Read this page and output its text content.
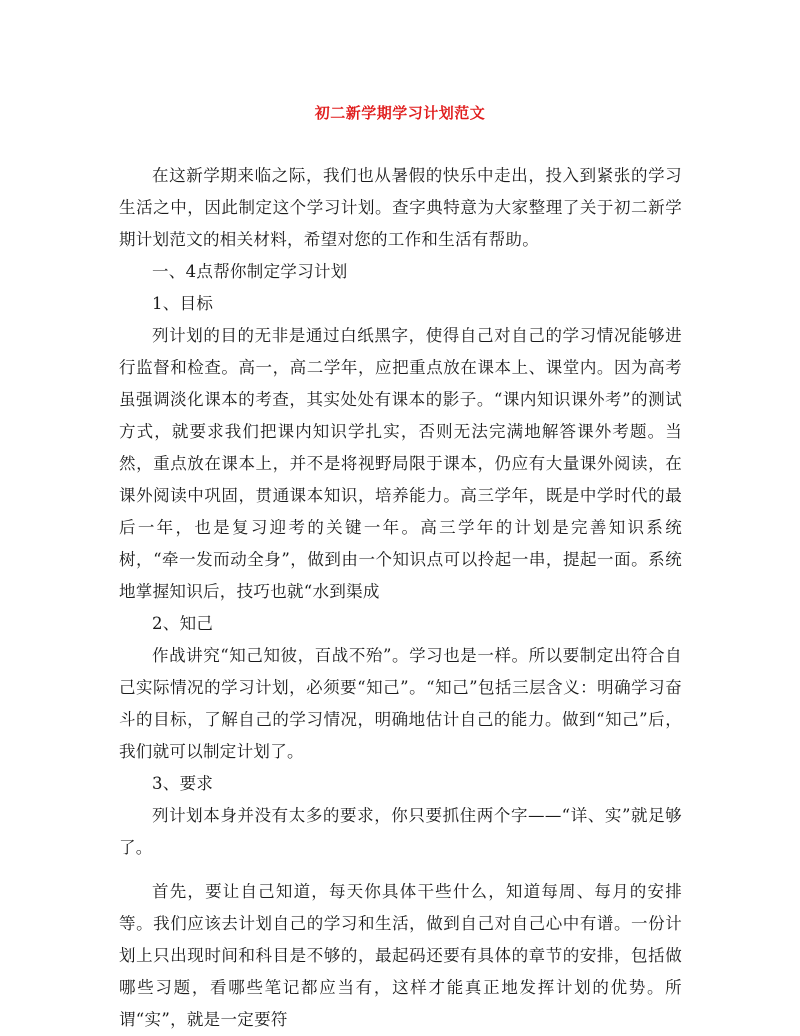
初二新学期学习计划范文

在这新学期来临之际，我们也从暑假的快乐中走出，投入到紧张的学习生活之中，因此制定这个学习计划。查字典特意为大家整理了关于初二新学期计划范文的相关材料，希望对您的工作和生活有帮助。

一、4点帮你制定学习计划

1、目标

列计划的目的无非是通过白纸黑字，使得自己对自己的学习情况能够进行监督和检查。高一，高二学年，应把重点放在课本上、课堂内。因为高考虽强调淡化课本的考查，其实处处有课本的影子。“课内知识课外考”的测试方式，就要求我们把课内知识学扎实，否则无法完满地解答课外考题。当然，重点放在课本上，并不是将视野局限于课本，仍应有大量课外阅读，在课外阅读中巩固，贯通课本知识，培养能力。高三学年，既是中学时代的最后一年，也是复习迎考的关键一年。高三学年的计划是完善知识系统树，“牵一发而动全身”，做到由一个知识点可以拎起一串，提起一面。系统地掌握知识后，技巧也就“水到渠成

2、知己

作战讲究“知己知彼，百战不殆”。学习也是一样。所以要制定出符合自己实际情况的学习计划，必须要“知己”。“知己”包括三层含义：明确学习奋斗的目标，了解自己的学习情况，明确地估计自己的能力。做到“知己”后，我们就可以制定计划了。

3、要求

列计划本身并没有太多的要求，你只要抓住两个字——“详、实”就足够了。

首先，要让自己知道，每天你具体干些什么，知道每周、每月的安排等。我们应该去计划自己的学习和生活，做到自己对自己心中有谱。一份计划上只出现时间和科目是不够的，最起码还要有具体的章节的安排，包括做哪些习题，看哪些笔记都应当有，这样才能真正地发挥计划的优势。所谓“实”，就是一定要符
